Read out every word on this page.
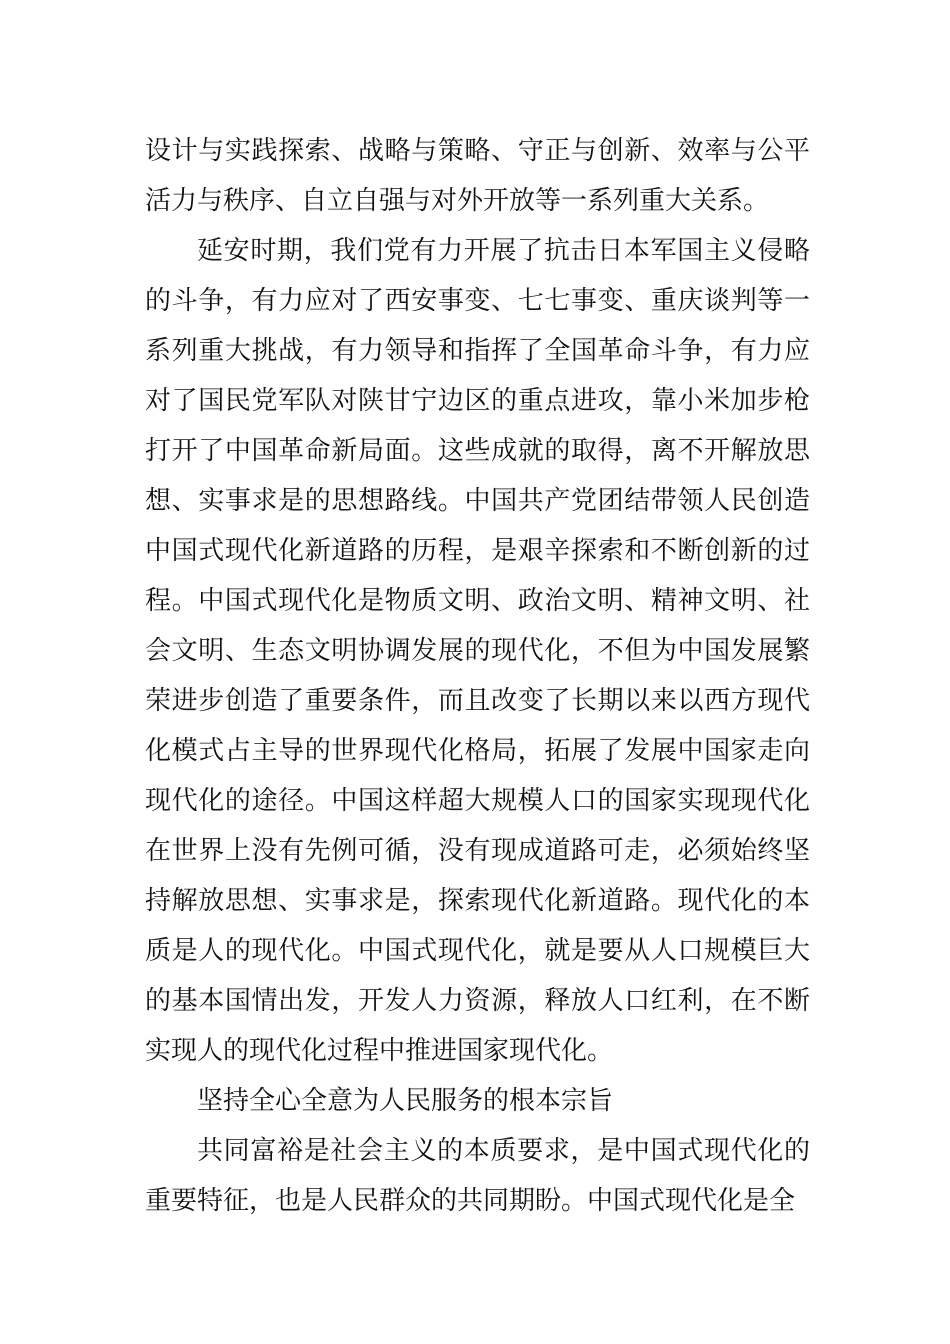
设计与实践探索、战略与策略、守正与创新、效率与公平活力与秩序、自立自强与对外开放等一系列重大关系。

延安时期，我们党有力开展了抗击日本军国主义侵略的斗争，有力应对了西安事变、七七事变、重庆谈判等一系列重大挑战，有力领导和指挥了全国革命斗争，有力应对了国民党军队对陕甘宁边区的重点进攻，靠小米加步枪打开了中国革命新局面。这些成就的取得，离不开解放思想、实事求是的思想路线。中国共产党团结带领人民创造中国式现代化新道路的历程，是艰辛探索和不断创新的过程。中国式现代化是物质文明、政治文明、精神文明、社会文明、生态文明协调发展的现代化，不但为中国发展繁荣进步创造了重要条件，而且改变了长期以来以西方现代化模式占主导的世界现代化格局，拓展了发展中国家走向现代化的途径。中国这样超大规模人口的国家实现现代化在世界上没有先例可循，没有现成道路可走，必须始终坚持解放思想、实事求是，探索现代化新道路。现代化的本质是人的现代化。中国式现代化，就是要从人口规模巨大的基本国情出发，开发人力资源，释放人口红利，在不断实现人的现代化过程中推进国家现代化。

坚持全心全意为人民服务的根本宗旨

共同富裕是社会主义的本质要求，是中国式现代化的重要特征，也是人民群众的共同期盼。中国式现代化是全
